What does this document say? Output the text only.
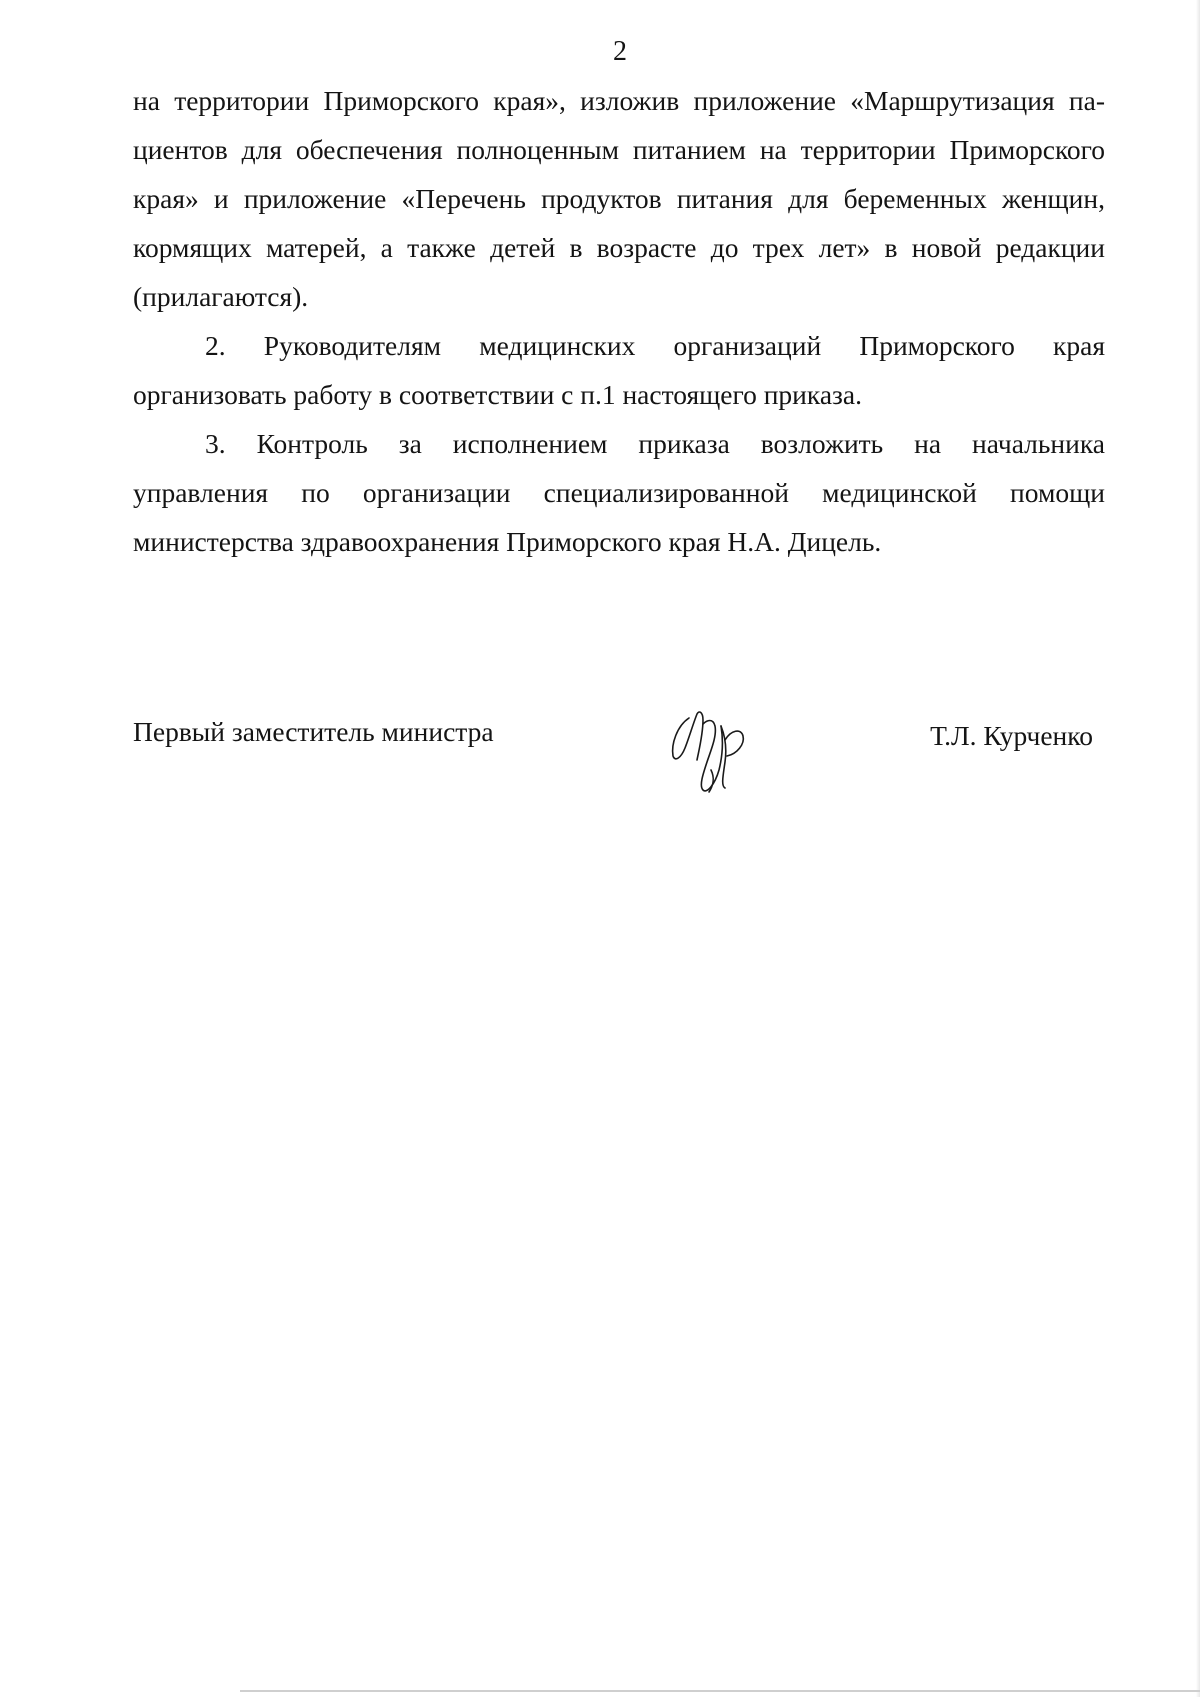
2

на территории Приморского края», изложив приложение «Маршрутизация па-
циентов для обеспечения полноценным питанием на территории Приморского
края» и приложение «Перечень продуктов питания для беременных женщин,
кормящих матерей, а также детей в возрасте до трех лет» в новой редакции
(прилагаются).

2. Руководителям медицинских организаций Приморского края
организовать работу в соответствии с п.1 настоящего приказа.

3. Контроль за исполнением приказа возложить на начальника
управления по организации специализированной медицинской помощи
министерства здравоохранения Приморского края Н.А. Дицель.

Первый заместитель министра	Т.Л. Курченко
